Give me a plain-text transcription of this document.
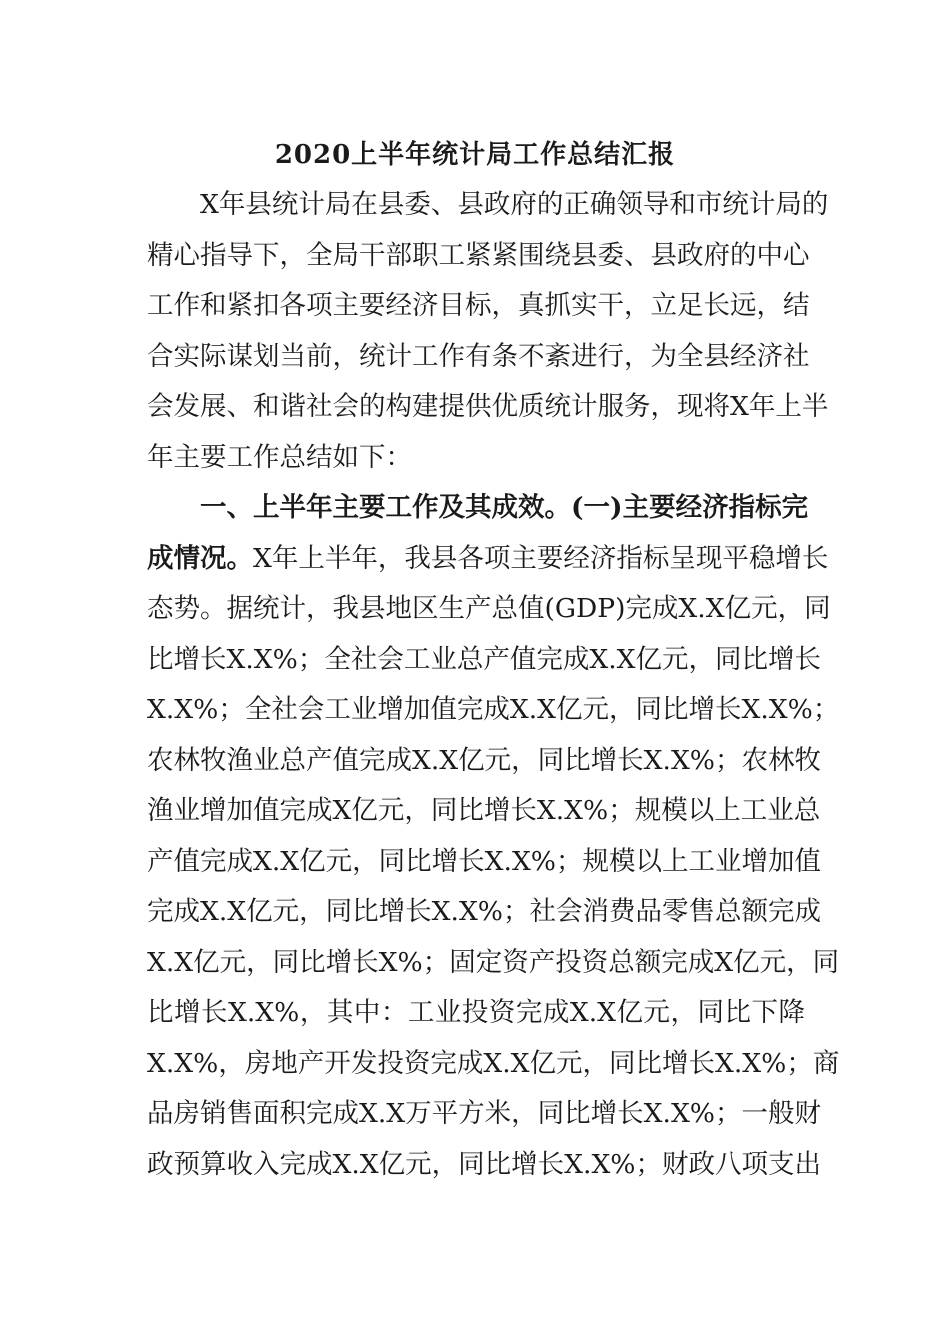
2020上半年统计局工作总结汇报
X年县统计局在县委、县政府的正确领导和市统计局的
精心指导下，全局干部职工紧紧围绕县委、县政府的中心
工作和紧扣各项主要经济目标，真抓实干，立足长远，结
合实际谋划当前，统计工作有条不紊进行，为全县经济社
会发展、和谐社会的构建提供优质统计服务，现将X年上半
年主要工作总结如下：
一、上半年主要工作及其成效。(一)主要经济指标完
成情况。X年上半年，我县各项主要经济指标呈现平稳增长
态势。据统计，我县地区生产总值(GDP)完成X.X亿元，同
比增长X.X%；全社会工业总产值完成X.X亿元，同比增长
X.X%；全社会工业增加值完成X.X亿元，同比增长X.X%；
农林牧渔业总产值完成X.X亿元，同比增长X.X%；农林牧
渔业增加值完成X亿元，同比增长X.X%；规模以上工业总
产值完成X.X亿元，同比增长X.X%；规模以上工业增加值
完成X.X亿元，同比增长X.X%；社会消费品零售总额完成
X.X亿元，同比增长X%；固定资产投资总额完成X亿元，同
比增长X.X%，其中：工业投资完成X.X亿元，同比下降
X.X%，房地产开发投资完成X.X亿元，同比增长X.X%；商
品房销售面积完成X.X万平方米，同比增长X.X%；一般财
政预算收入完成X.X亿元，同比增长X.X%；财政八项支出
